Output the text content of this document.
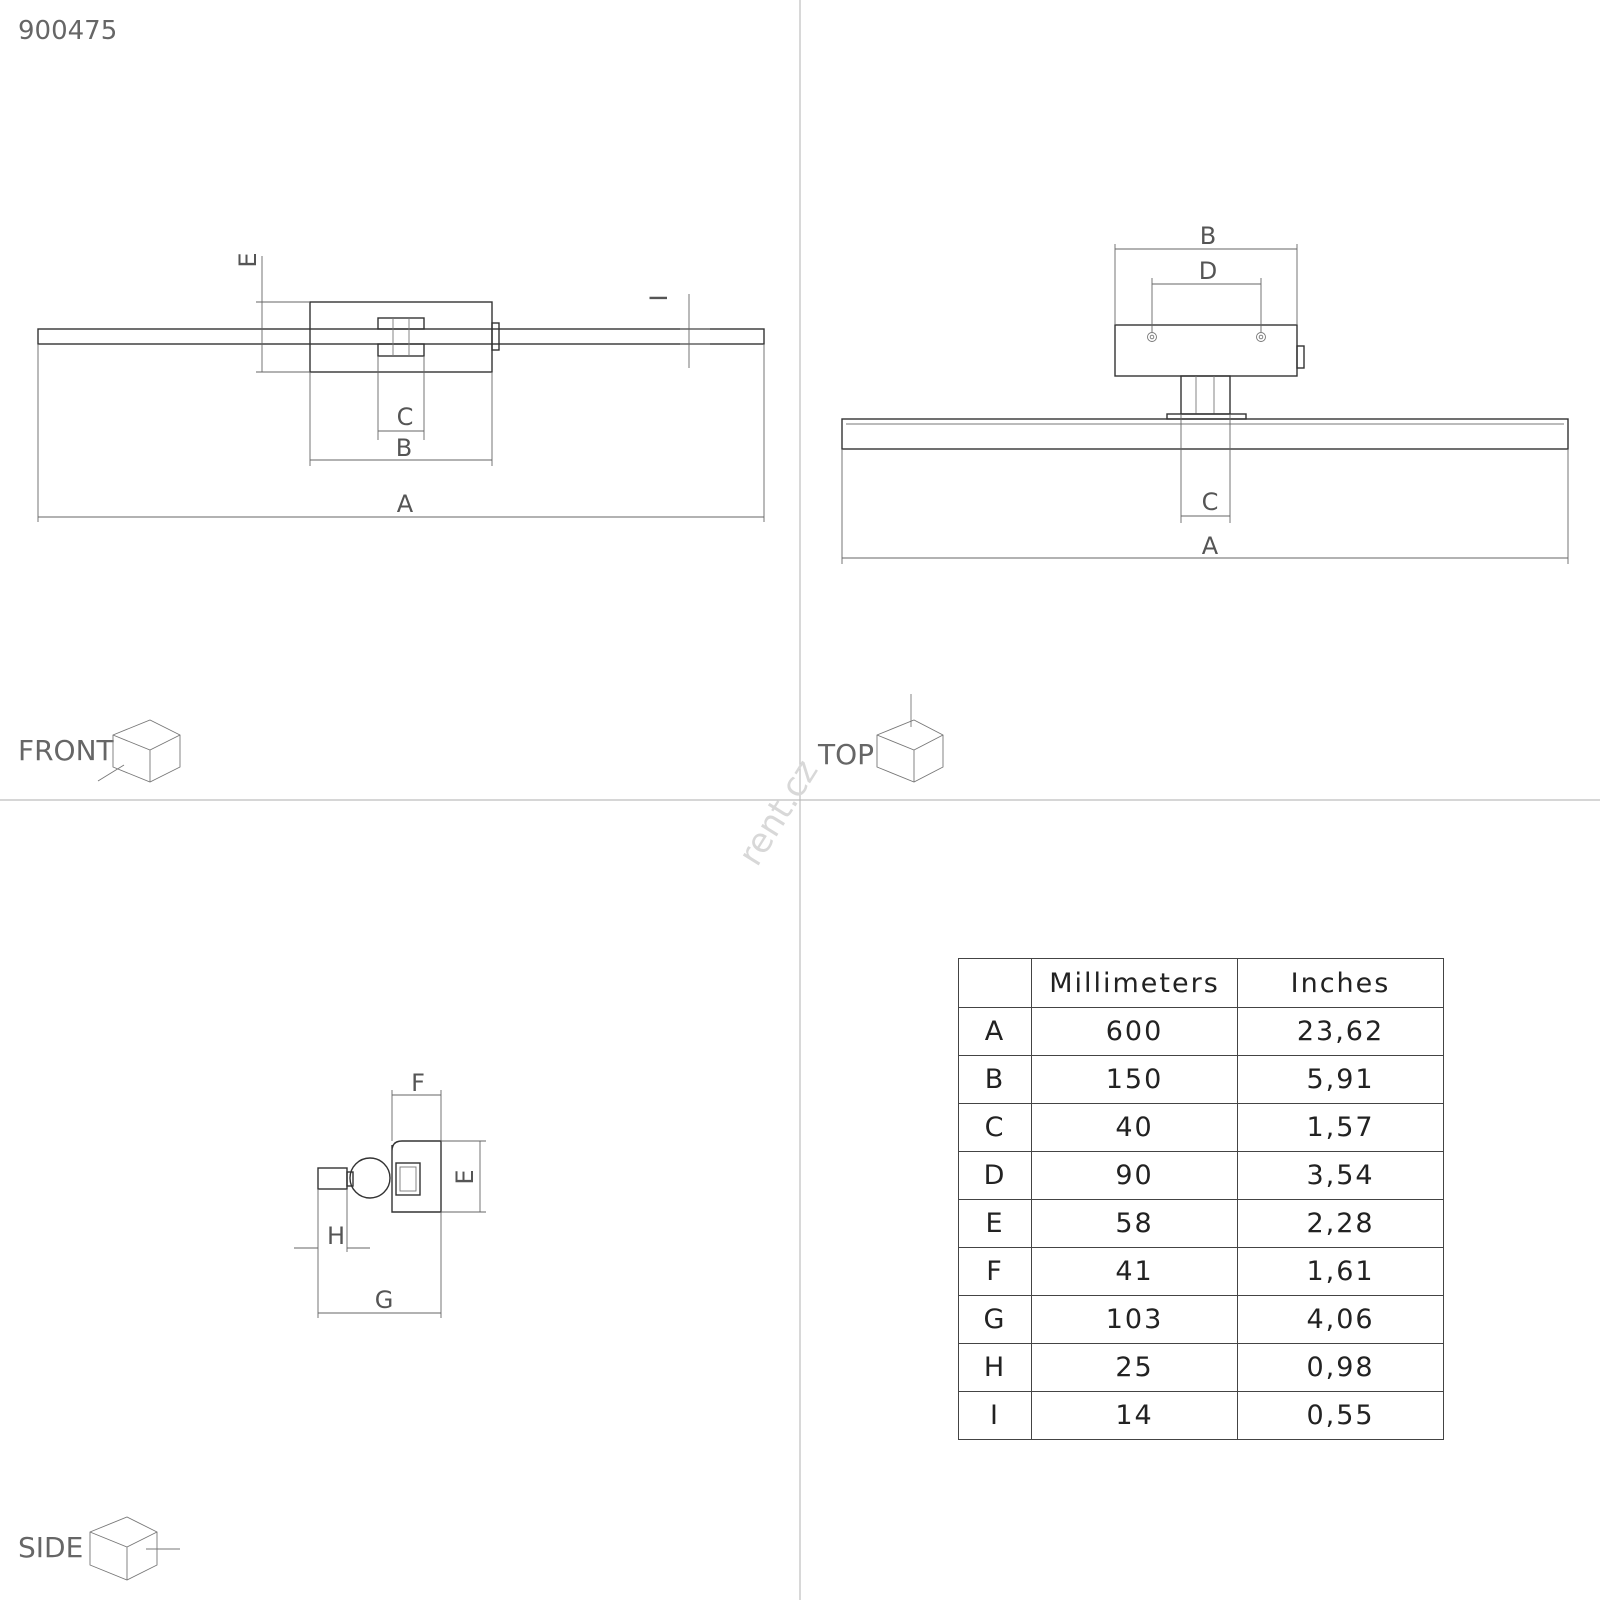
900475
rent.cz
E
I
C
B
A
FRONT
B
D
C
A
TOP
F
E
H
G
SIDE
	Millimeters	Inches
A	600	23,62
B	150	5,91
C	40	1,57
D	90	3,54
E	58	2,28
F	41	1,61
G	103	4,06
H	25	0,98
I	14	0,55
